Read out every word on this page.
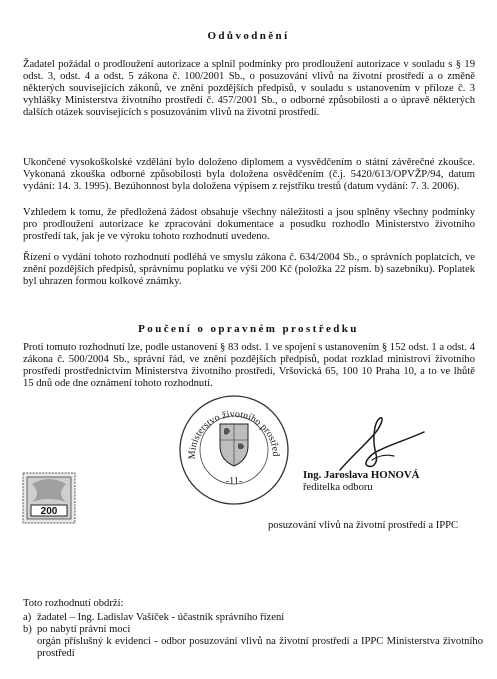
Odůvodnění

Žadatel požádal o prodloužení autorizace a splnil podmínky pro prodloužení autorizace v souladu s § 19 odst. 3, odst. 4 a odst. 5 zákona č. 100/2001 Sb., o posuzování vlivů na životní prostředí a o změně některých souvisejících zákonů, ve znění pozdějších předpisů, v souladu s ustanovením v příloze č. 3 vyhlášky Ministerstva životního prostředí č. 457/2001 Sb., o odborné způsobilosti a o úpravě některých dalších otázek souvisejících s posuzováním vlivů na životní prostředí.

Ukončené vysokoškolské vzdělání bylo doloženo diplomem a vysvědčením o státní závěrečné zkoušce. Vykonaná zkouška odborné způsobilosti byla doložena osvědčením (č.j. 5420/613/OPVŽP/94, datum vydání: 14. 3. 1995). Bezúhonnost byla doložena výpisem z rejstříku trestů (datum vydání: 7. 3. 2006).

Vzhledem k tomu, že předložená žádost obsahuje všechny náležitosti a jsou splněny všechny podmínky pro prodloužení autorizace ke zpracování dokumentace a posudku rozhodlo Ministerstvo životního prostředí tak, jak je ve výroku tohoto rozhodnutí uvedeno.

Řízení o vydání tohoto rozhodnutí podléhá ve smyslu zákona č. 634/2004 Sb., o správních poplatcích, ve znění pozdějších předpisů, správnímu poplatku ve výši 200 Kč (položka 22 písm. b) sazebníku). Poplatek byl uhrazen formou kolkové známky.

Poučení o opravném prostředku

Proti tomuto rozhodnutí lze, podle ustanovení § 83 odst. 1 ve spojení s ustanovením § 152 odst. 1 a odst. 4 zákona č. 500/2004 Sb., správní řád, ve znění pozdějších předpisů, podat rozklad ministrovi životního prostředí prostřednictvím Ministerstva životního prostředí, Vršovická 65, 100 10 Praha 10, a to ve lhůtě 15 dnů ode dne oznámení tohoto rozhodnutí.

200
Ministerstvo životního prostřed
-11-
Ing. Jaroslava HONOVÁ
ředitelka odboru
posuzování vlivů na životní prostředí a IPPC

Toto rozhodnutí obdrží:

a) žadatel – Ing. Ladislav Vašíček - účastník správního řízení
b) po nabytí právní moci
orgán příslušný k evidenci - odbor posuzování vlivů na životní prostředí a IPPC Ministerstva životního prostředí
